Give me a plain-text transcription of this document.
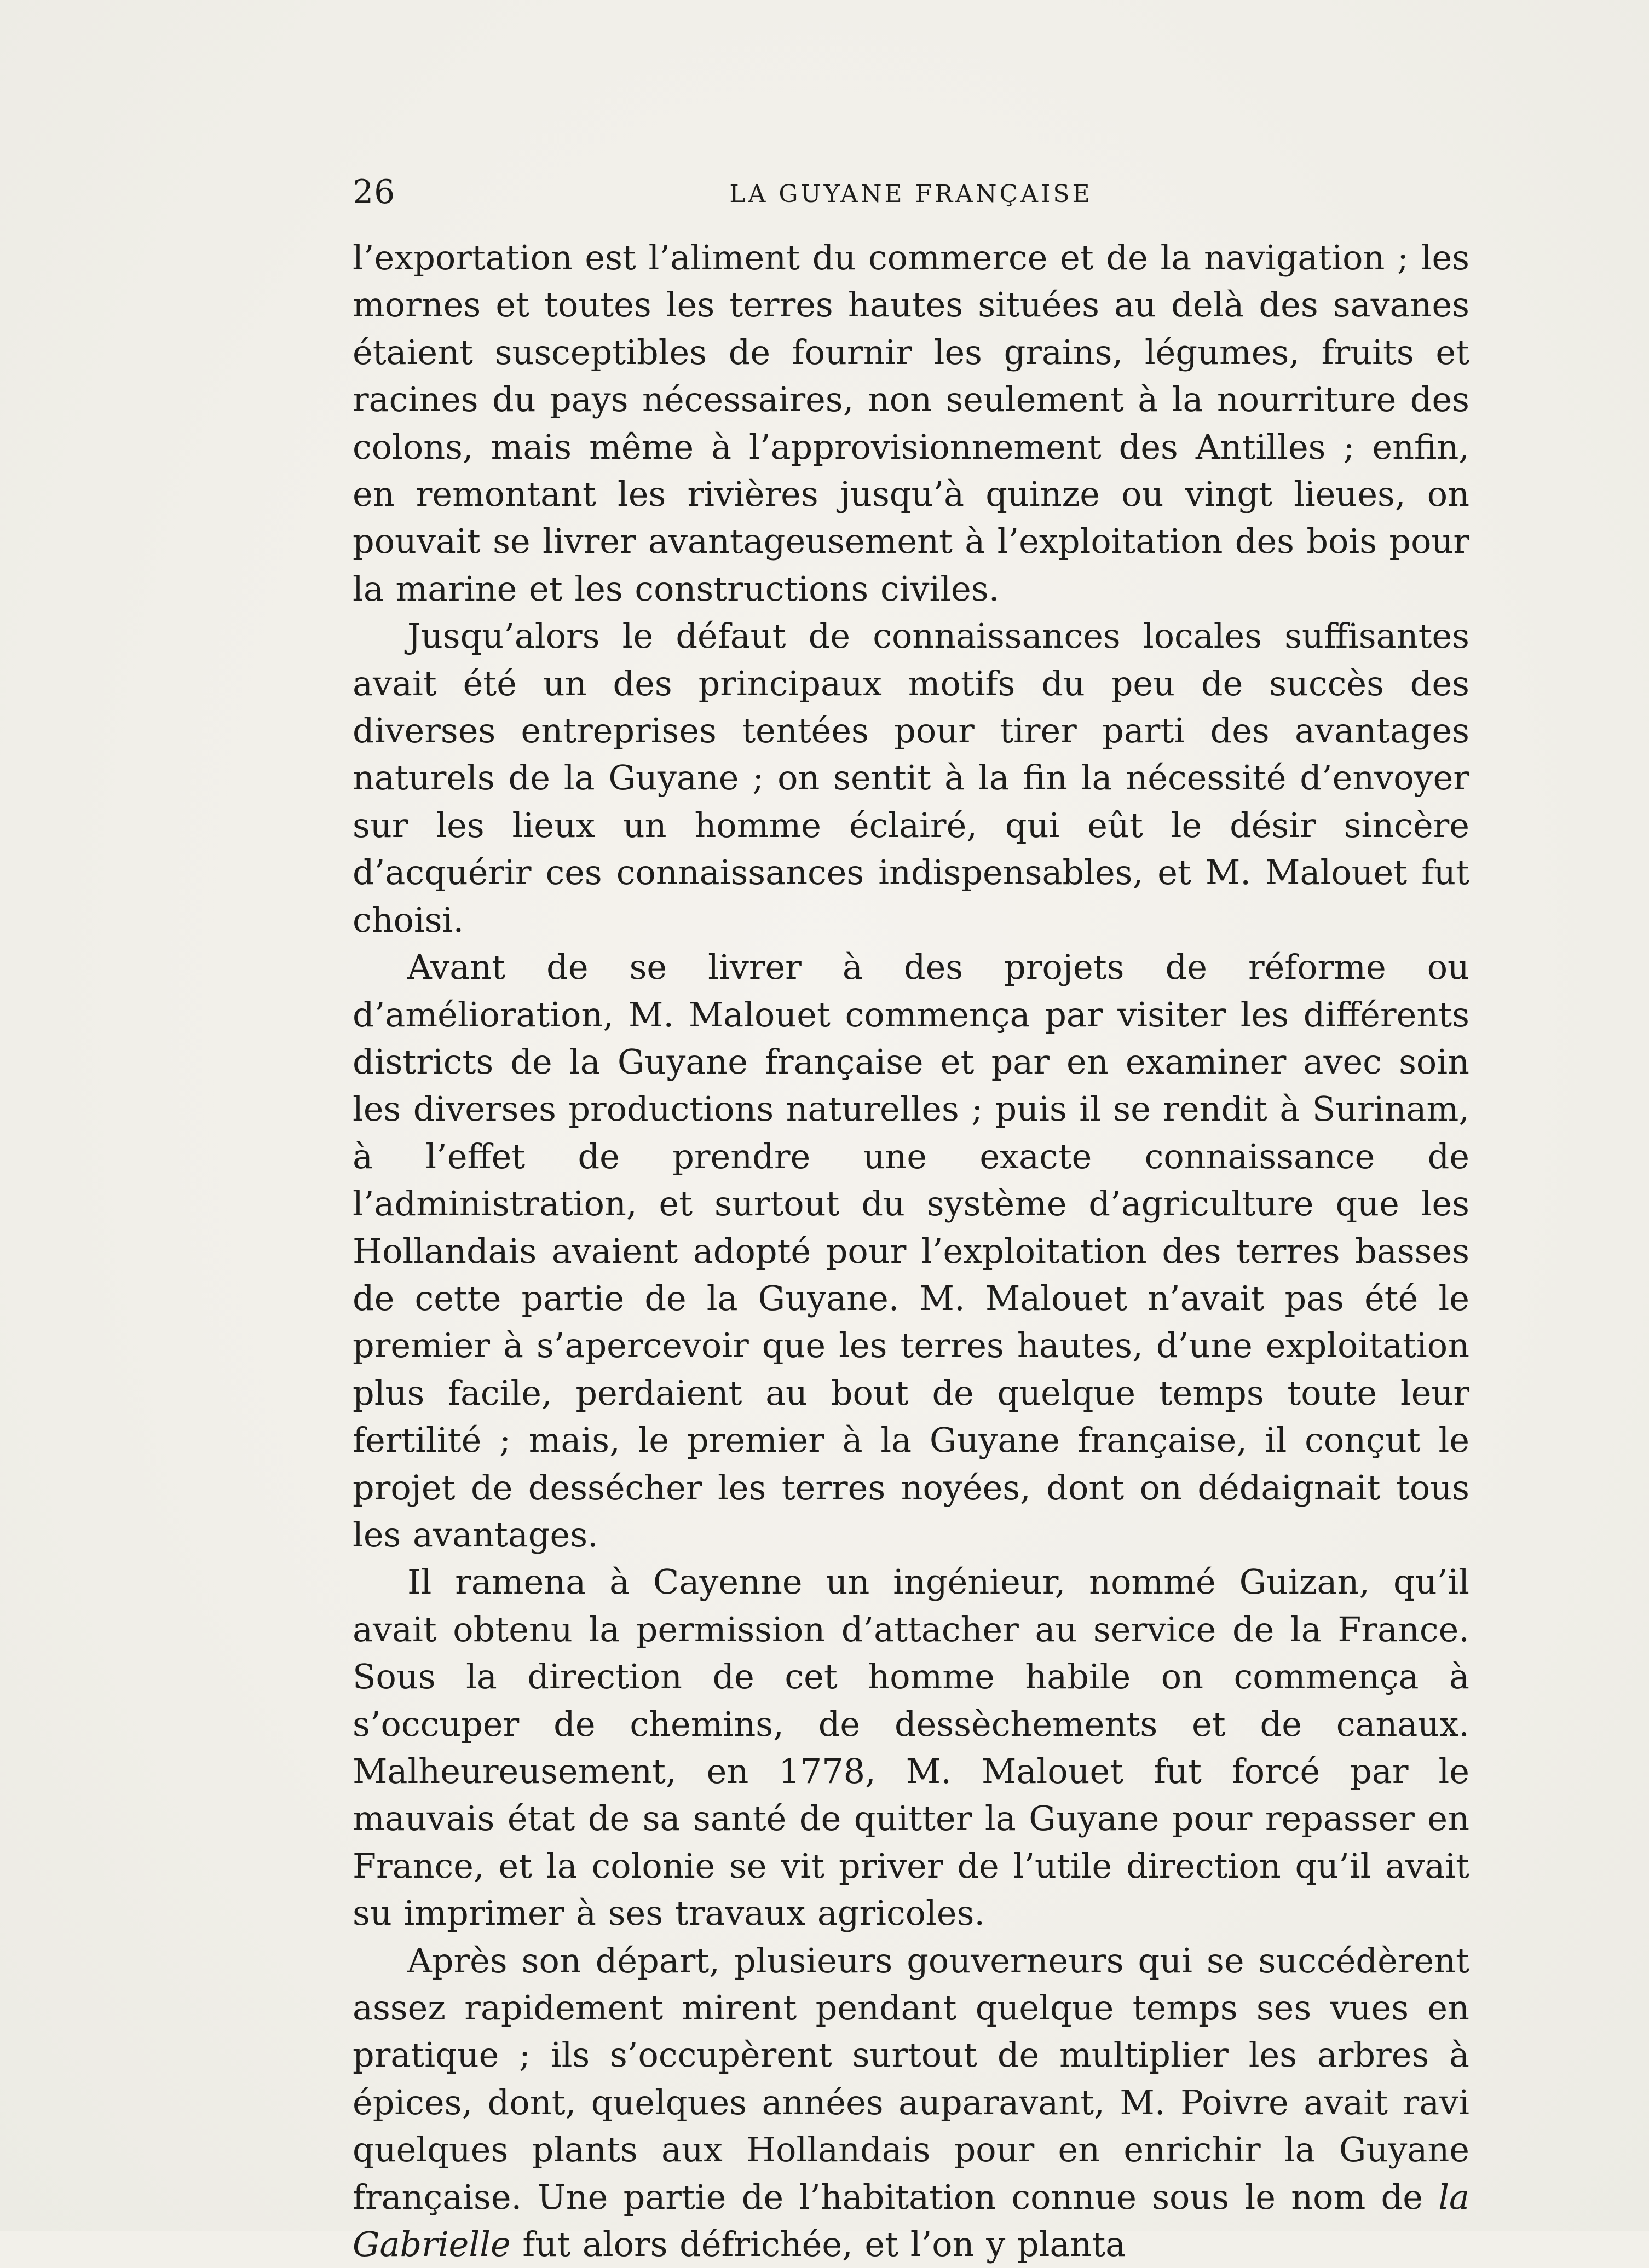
26	LA GUYANE FRANÇAISE

l’exportation est l’aliment du commerce et de la navigation ; les mornes et toutes les terres hautes situées au delà des savanes étaient susceptibles de fournir les grains, légumes, fruits et racines du pays nécessaires, non seulement à la nourriture des colons, mais même à l’approvisionnement des Antilles ; enfin, en remontant les rivières jusqu’à quinze ou vingt lieues, on pouvait se livrer avantageusement à l’exploitation des bois pour la marine et les constructions civiles.

Jusqu’alors le défaut de connaissances locales suffisantes avait été un des principaux motifs du peu de succès des diverses entreprises tentées pour tirer parti des avantages naturels de la Guyane ; on sentit à la fin la nécessité d’envoyer sur les lieux un homme éclairé, qui eût le désir sincère d’acquérir ces connaissances indispensables, et M. Malouet fut choisi.

Avant de se livrer à des projets de réforme ou d’amélioration, M. Malouet commença par visiter les différents districts de la Guyane française et par en examiner avec soin les diverses productions naturelles ; puis il se rendit à Surinam, à l’effet de prendre une exacte connaissance de l’administration, et surtout du système d’agriculture que les Hollandais avaient adopté pour l’exploitation des terres basses de cette partie de la Guyane. M. Malouet n’avait pas été le premier à s’apercevoir que les terres hautes, d’une exploitation plus facile, perdaient au bout de quelque temps toute leur fertilité ; mais, le premier à la Guyane française, il conçut le projet de dessécher les terres noyées, dont on dédaignait tous les avantages.

Il ramena à Cayenne un ingénieur, nommé Guizan, qu’il avait obtenu la permission d’attacher au service de la France. Sous la direction de cet homme habile on commença à s’occuper de chemins, de dessèchements et de canaux. Malheureusement, en 1778, M. Malouet fut forcé par le mauvais état de sa santé de quitter la Guyane pour repasser en France, et la colonie se vit priver de l’utile direction qu’il avait su imprimer à ses travaux agricoles.

Après son départ, plusieurs gouverneurs qui se succédèrent assez rapidement mirent pendant quelque temps ses vues en pratique ; ils s’occupèrent surtout de multiplier les arbres à épices, dont, quelques années auparavant, M. Poivre avait ravi quelques plants aux Hollandais pour en enrichir la Guyane française. Une partie de l’habitation connue sous le nom de la Gabrielle fut alors défrichée, et l’on y planta
